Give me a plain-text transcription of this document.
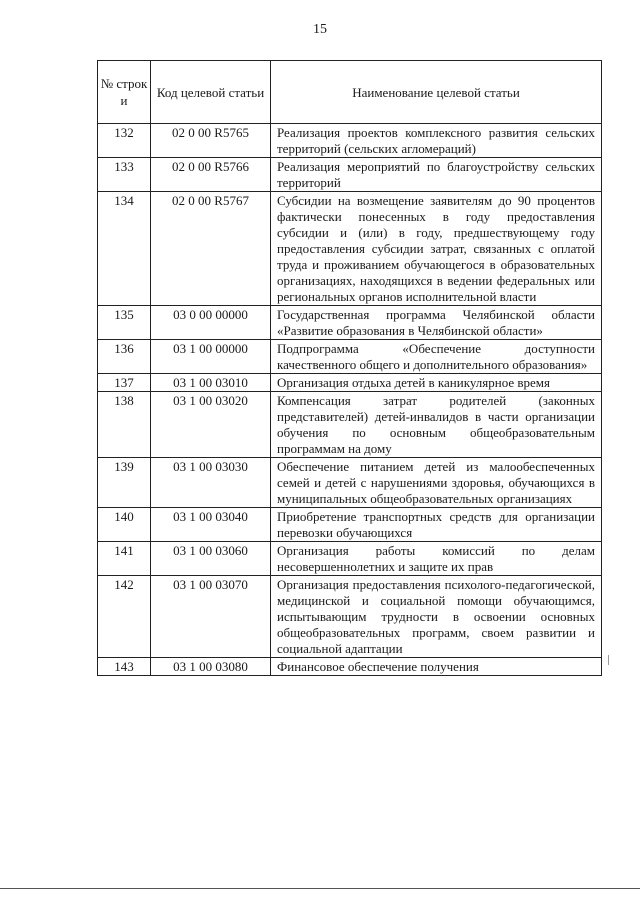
15
№ строк и	Код целевой статьи	Наименование целевой статьи
132	02 0 00 R5765	Реализация проектов комплексного развития сельских территорий (сельских агломераций)
133	02 0 00 R5766	Реализация мероприятий по благоустройству сельских территорий
134	02 0 00 R5767	Субсидии на возмещение заявителям до 90 процентов фактически понесенных в году предоставления субсидии и (или) в году, предшествующему году предоставления субсидии затрат, связанных с оплатой труда и проживанием обучающегося в образовательных организациях, находящихся в ведении федеральных или региональных органов исполнительной власти
135	03 0 00 00000	Государственная программа Челябинской области «Развитие образования в Челябинской области»
136	03 1 00 00000	Подпрограмма «Обеспечение доступности качественного общего и дополнительного образования»
137	03 1 00 03010	Организация отдыха детей в каникулярное время
138	03 1 00 03020	Компенсация затрат родителей (законных представителей) детей-инвалидов в части организации обучения по основным общеобразовательным программам на дому
139	03 1 00 03030	Обеспечение питанием детей из малообеспеченных семей и детей с нарушениями здоровья, обучающихся в муниципальных общеобразовательных организациях
140	03 1 00 03040	Приобретение транспортных средств для организации перевозки обучающихся
141	03 1 00 03060	Организация работы комиссий по делам несовершеннолетних и защите их прав
142	03 1 00 03070	Организация предоставления психолого-педагогической, медицинской и социальной помощи обучающимся, испытывающим трудности в освоении основных общеобразовательных программ, своем развитии и социальной адаптации
143	03 1 00 03080	Финансовое обеспечение получения
